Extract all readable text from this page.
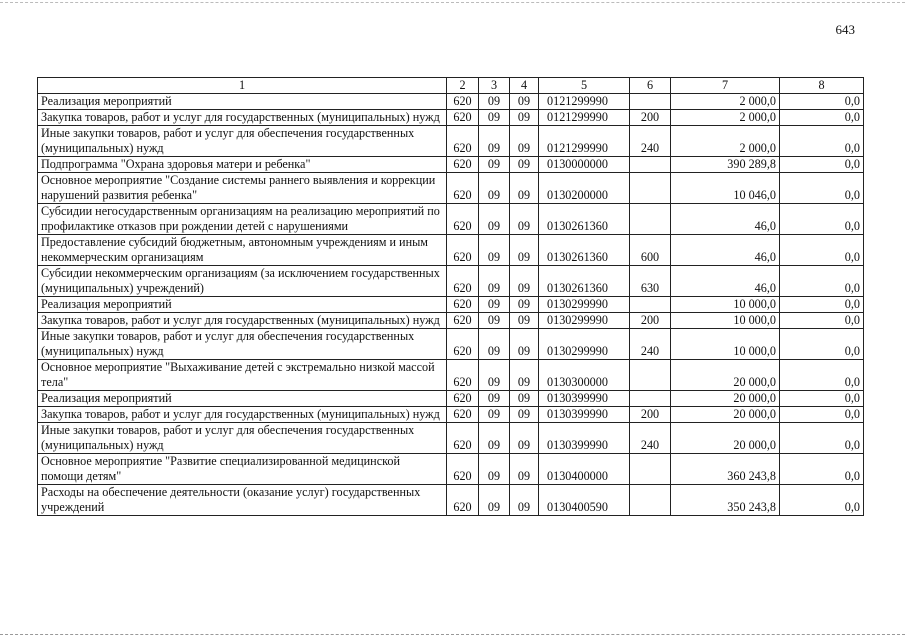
643
1	2	3	4	5	6	7	8
Реализация мероприятий	620	09	09	0121299990		2 000,0	0,0
Закупка товаров, работ и услуг для государственных (муниципальных) нужд	620	09	09	0121299990	200	2 000,0	0,0
Иные закупки товаров, работ и услуг для обеспечения государственных (муниципальных) нужд	620	09	09	0121299990	240	2 000,0	0,0
Подпрограмма "Охрана здоровья матери и ребенка"	620	09	09	0130000000		390 289,8	0,0
Основное мероприятие "Создание системы раннего выявления и коррекции нарушений развития ребенка"	620	09	09	0130200000		10 046,0	0,0
Субсидии негосударственным организациям на реализацию мероприятий по профилактике отказов при рождении детей с нарушениями	620	09	09	0130261360		46,0	0,0
Предоставление субсидий бюджетным, автономным учреждениям и иным некоммерческим организациям	620	09	09	0130261360	600	46,0	0,0
Субсидии некоммерческим организациям (за исключением государственных (муниципальных) учреждений)	620	09	09	0130261360	630	46,0	0,0
Реализация мероприятий	620	09	09	0130299990		10 000,0	0,0
Закупка товаров, работ и услуг для государственных (муниципальных) нужд	620	09	09	0130299990	200	10 000,0	0,0
Иные закупки товаров, работ и услуг для обеспечения государственных (муниципальных) нужд	620	09	09	0130299990	240	10 000,0	0,0
Основное мероприятие "Выхаживание детей с экстремально низкой массой тела"	620	09	09	0130300000		20 000,0	0,0
Реализация мероприятий	620	09	09	0130399990		20 000,0	0,0
Закупка товаров, работ и услуг для государственных (муниципальных) нужд	620	09	09	0130399990	200	20 000,0	0,0
Иные закупки товаров, работ и услуг для обеспечения государственных (муниципальных) нужд	620	09	09	0130399990	240	20 000,0	0,0
Основное мероприятие "Развитие специализированной медицинской помощи детям"	620	09	09	0130400000		360 243,8	0,0
Расходы на обеспечение деятельности (оказание услуг) государственных учреждений	620	09	09	0130400590		350 243,8	0,0
